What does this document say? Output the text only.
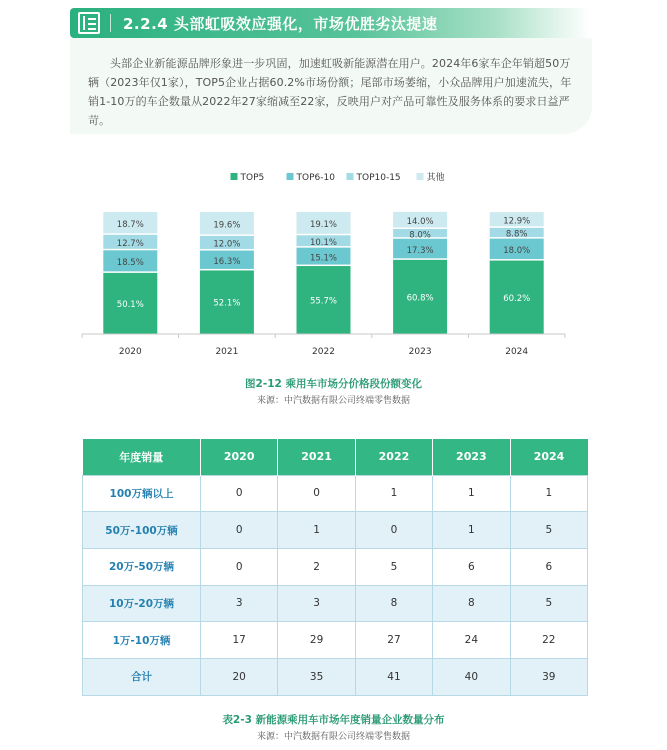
2.2.4 头部虹吸效应强化，市场优胜劣汰提速

头部企业新能源品牌形象进一步巩固，加速虹吸新能源潜在用户。2024年6家车企年销超50万辆（2023年仅1家），TOP5企业占据60.2%市场份额；尾部市场萎缩，小众品牌用户加速流失，年销1-10万的车企数量从2022年27家缩减至22家，反映用户对产品可靠性及服务体系的要求日益严苛。

TOP5	TOP6-10 TOP10-15	其他
50.1%
18.5%
12.7%
18.7%
2020
52.1%
16.3%
12.0%
19.6%
2021
55.7%
15.1%
10.1%
19.1%
2022
60.8%
17.3%
8.0%
14.0%
2023
60.2%
18.0%
8.8%
12.9%
2024
图2-12 乘用车市场分价格段份额变化
来源：中汽数据有限公司终端零售数据
年度销量	2020	2021	2022	2023	2024
100万辆以上	0	0	1	1	1
50万-100万辆	0	1	0	1	5
20万-50万辆	0	2	5	6	6
10万-20万辆	3	3	8	8	5
1万-10万辆	17	29	27	24	22
合计	20	35	41	40	39
表2-3 新能源乘用车市场年度销量企业数量分布
来源：中汽数据有限公司终端零售数据
